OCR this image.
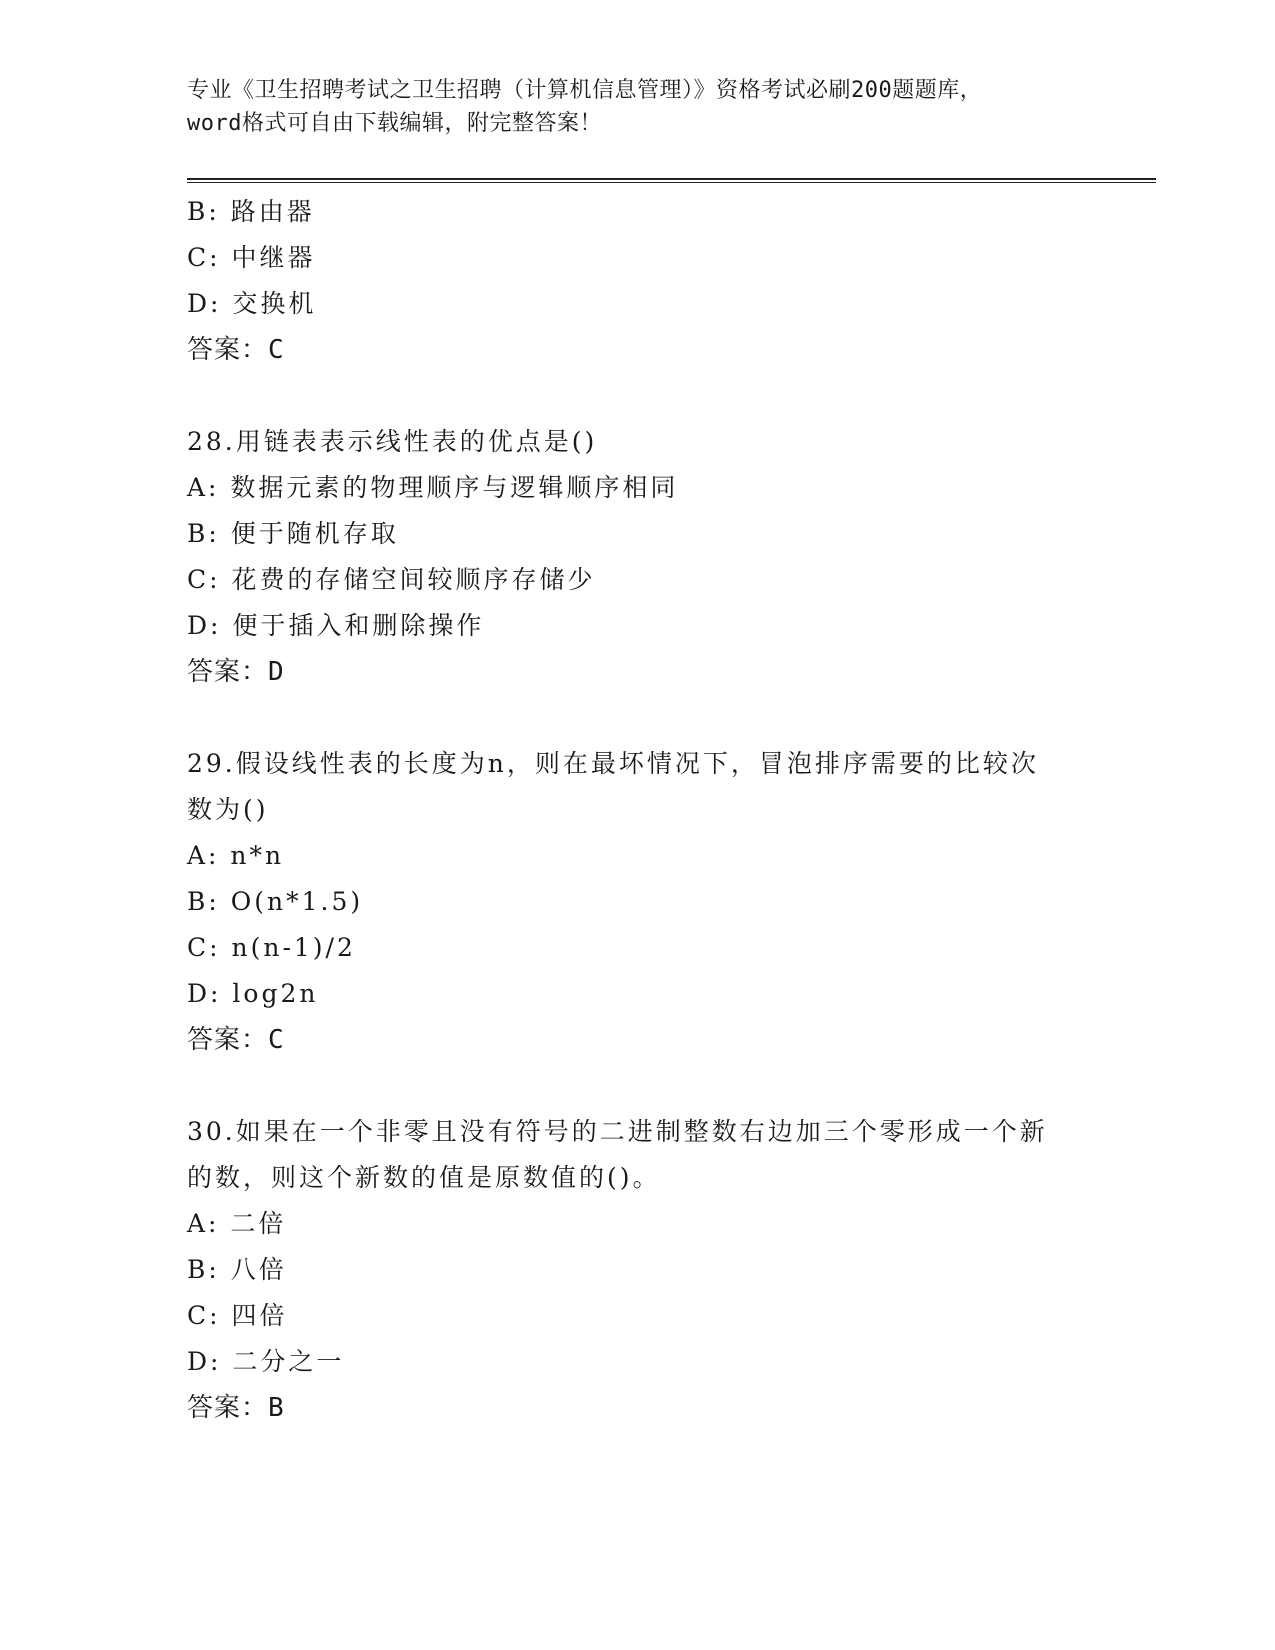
专业《卫生招聘考试之卫生招聘（计算机信息管理）》资格考试必刷200题题库，
word格式可自由下载编辑，附完整答案！
B: 路由器
C: 中继器
D: 交换机
答案：C
28.用链表表示线性表的优点是()
A: 数据元素的物理顺序与逻辑顺序相同
B: 便于随机存取
C: 花费的存储空间较顺序存储少
D: 便于插入和删除操作
答案：D
29.假设线性表的长度为n，则在最坏情况下，冒泡排序需要的比较次
数为()
A: n*n
B: O(n*1.5)
C: n(n-1)/2
D: log2n
答案：C
30.如果在一个非零且没有符号的二进制整数右边加三个零形成一个新
的数，则这个新数的值是原数值的()。
A: 二倍
B: 八倍
C: 四倍
D: 二分之一
答案：B
